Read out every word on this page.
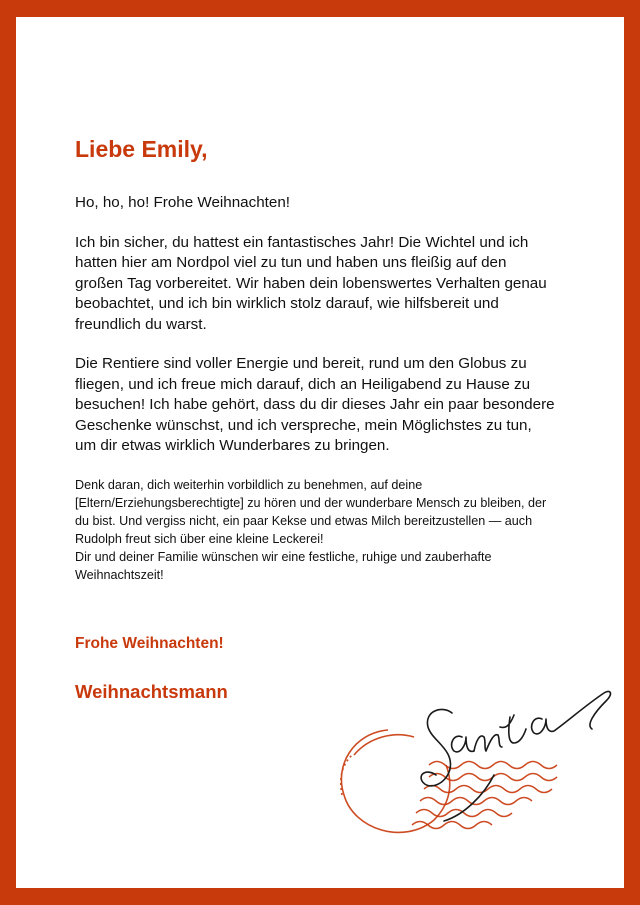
Liebe Emily,

Ho, ho, ho! Frohe Weihnachten!

Ich bin sicher, du hattest ein fantastisches Jahr! Die Wichtel und ich hatten hier am Nordpol viel zu tun und haben uns fleißig auf den großen Tag vorbereitet. Wir haben dein lobenswertes Verhalten genau beobachtet, und ich bin wirklich stolz darauf, wie hilfsbereit und freundlich du warst.

Die Rentiere sind voller Energie und bereit, rund um den Globus zu fliegen, und ich freue mich darauf, dich an Heiligabend zu Hause zu besuchen! Ich habe gehört, dass du dir dieses Jahr ein paar besondere Geschenke wünschst, und ich verspreche, mein Möglichstes zu tun, um dir etwas wirklich Wunderbares zu bringen.

Denk daran, dich weiterhin vorbildlich zu benehmen, auf deine [Eltern/Erziehungsberechtigte] zu hören und der wunderbare Mensch zu bleiben, der du bist. Und vergiss nicht, ein paar Kekse und etwas Milch bereitzustellen — auch Rudolph freut sich über eine kleine Leckerei!

Dir und deiner Familie wünschen wir eine festliche, ruhige und zauberhafte Weihnachtszeit!

Frohe Weihnachten!

Weihnachtsmann
